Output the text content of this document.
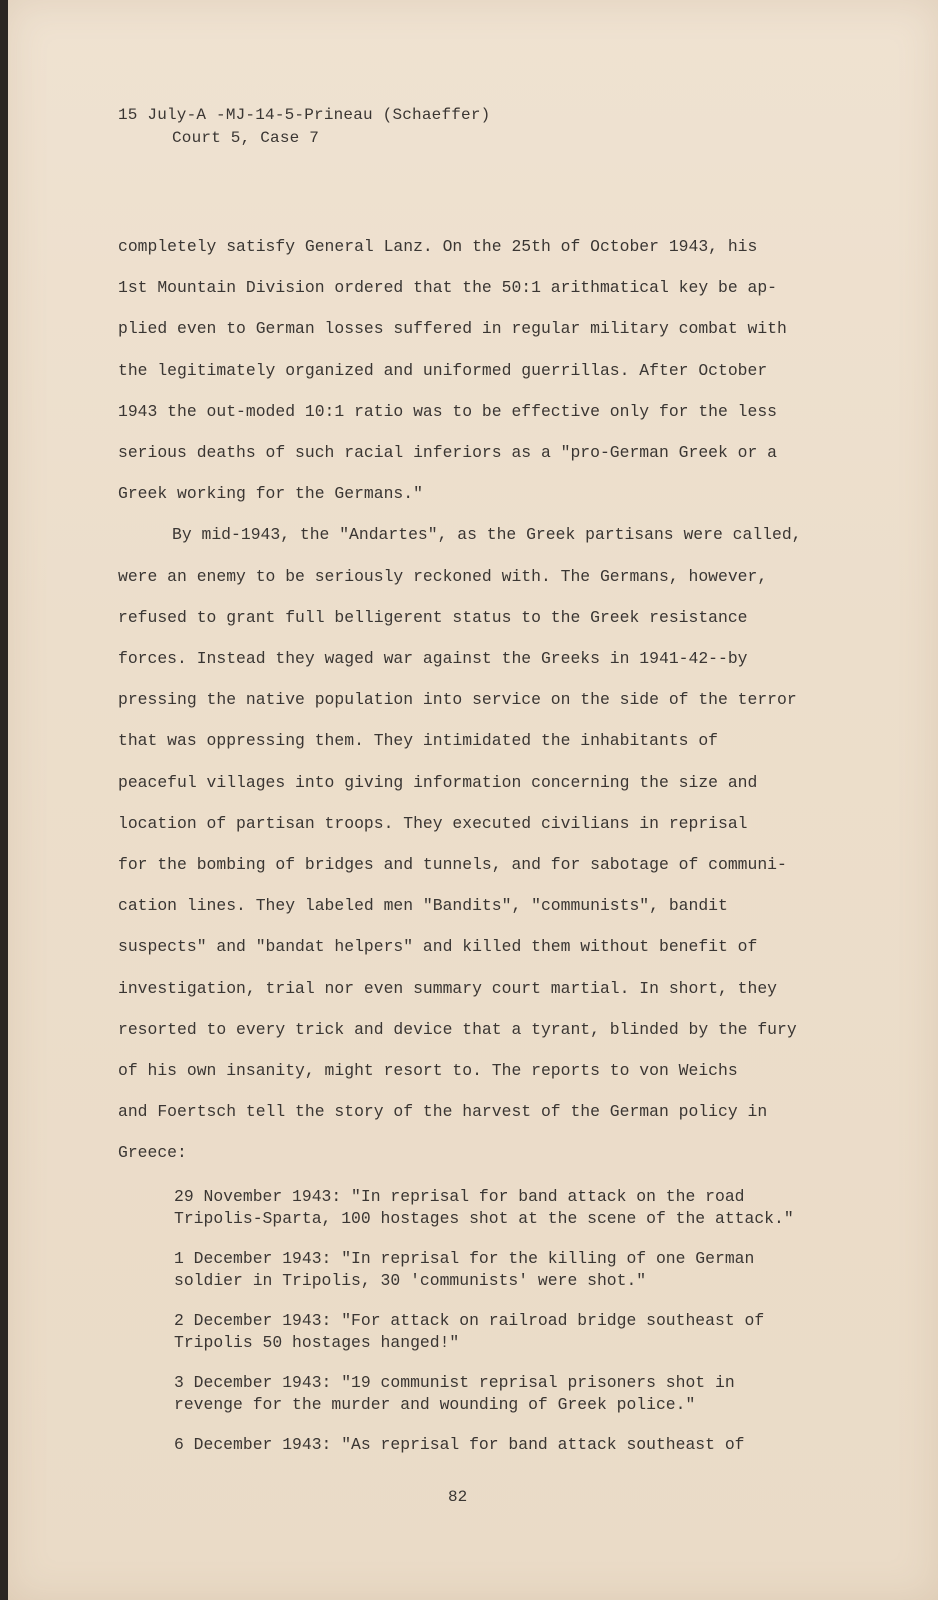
15 July-A -MJ-14-5-Prineau (Schaeffer)
Court 5, Case 7
completely satisfy General Lanz. On the 25th of October 1943, his
1st Mountain Division ordered that the 50:1 arithmatical key be ap-
plied even to German losses suffered in regular military combat with
the legitimately organized and uniformed guerrillas. After October
1943 the out-moded 10:1 ratio was to be effective only for the less
serious deaths of such racial inferiors as a "pro-German Greek or a
Greek working for the Germans."
By mid-1943, the "Andartes", as the Greek partisans were called,
were an enemy to be seriously reckoned with. The Germans, however,
refused to grant full belligerent status to the Greek resistance
forces. Instead they waged war against the Greeks in 1941-42--by
pressing the native population into service on the side of the terror
that was oppressing them. They intimidated the inhabitants of
peaceful villages into giving information concerning the size and
location of partisan troops. They executed civilians in reprisal
for the bombing of bridges and tunnels, and for sabotage of communi-
cation lines. They labeled men "Bandits", "communists", bandit
suspects" and "bandat helpers" and killed them without benefit of
investigation, trial nor even summary court martial. In short, they
resorted to every trick and device that a tyrant, blinded by the fury
of his own insanity, might resort to. The reports to von Weichs
and Foertsch tell the story of the harvest of the German policy in
Greece:
29 November 1943: "In reprisal for band attack on the road
Tripolis-Sparta, 100 hostages shot at the scene of the attack."
1 December 1943: "In reprisal for the killing of one German
soldier in Tripolis, 30 'communists' were shot."
2 December 1943: "For attack on railroad bridge southeast of
Tripolis 50 hostages hanged!"
3 December 1943: "19 communist reprisal prisoners shot in
revenge for the murder and wounding of Greek police."
6 December 1943: "As reprisal for band attack southeast of
82
